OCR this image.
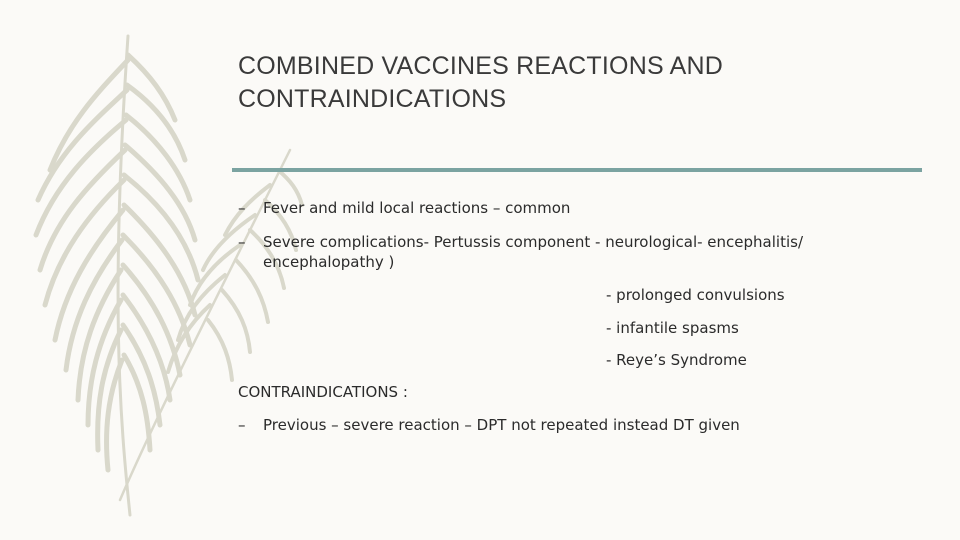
COMBINED VACCINES REACTIONS AND
CONTRAINDICATIONS
–	Fever and mild local reactions – common
–	Severe complications- Pertussis component - neurological- encephalitis/ encephalopathy )
- prolonged convulsions
- infantile spasms
- Reye’s Syndrome
CONTRAINDICATIONS :
–	Previous – severe reaction – DPT not repeated instead DT given
